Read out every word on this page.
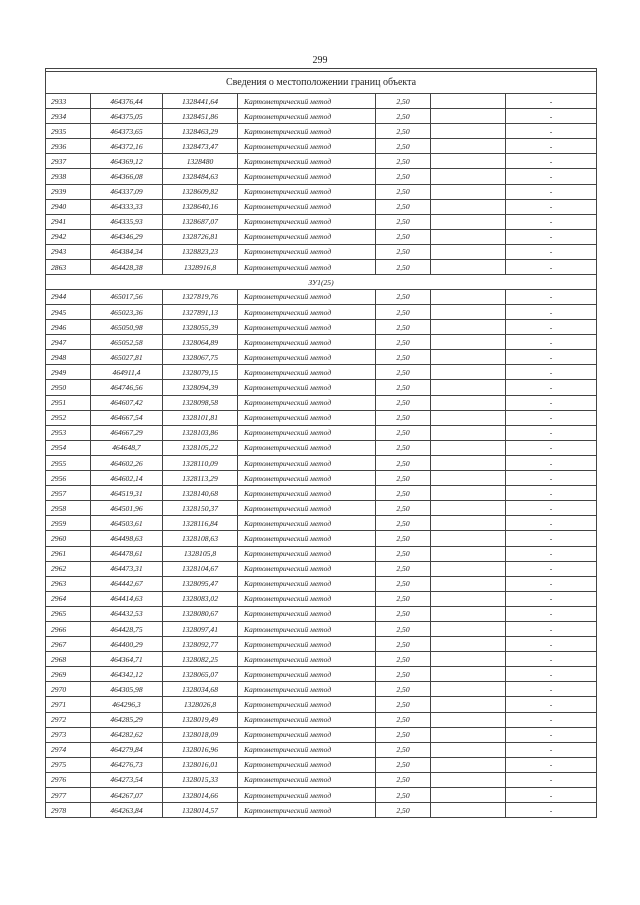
299

Сведения о местоположении границ объекта						
2933	464376,44	1328441,64	Картометрический метод	2,50		-
2934	464375,05	1328451,86	Картометрический метод	2,50		-
2935	464373,65	1328463,29	Картометрический метод	2,50		-
2936	464372,16	1328473,47	Картометрический метод	2,50		-
2937	464369,12	1328480	Картометрический метод	2,50		-
2938	464366,08	1328484,63	Картометрический метод	2,50		-
2939	464337,09	1328609,82	Картометрический метод	2,50		-
2940	464333,33	1328640,16	Картометрический метод	2,50		-
2941	464335,93	1328687,07	Картометрический метод	2,50		-
2942	464346,29	1328726,81	Картометрический метод	2,50		-
2943	464384,34	1328823,23	Картометрический метод	2,50		-
2863	464428,38	1328916,8	Картометрический метод	2,50		-
ЗУ1(25)						
2944	465017,56	1327819,76	Картометрический метод	2,50		-
2945	465023,36	1327891,13	Картометрический метод	2,50		-
2946	465050,98	1328055,39	Картометрический метод	2,50		-
2947	465052,58	1328064,89	Картометрический метод	2,50		-
2948	465027,81	1328067,75	Картометрический метод	2,50		-
2949	464911,4	1328079,15	Картометрический метод	2,50		-
2950	464746,56	1328094,39	Картометрический метод	2,50		-
2951	464607,42	1328098,58	Картометрический метод	2,50		-
2952	464667,54	1328101,81	Картометрический метод	2,50		-
2953	464667,29	1328103,86	Картометрический метод	2,50		-
2954	464648,7	1328105,22	Картометрический метод	2,50		-
2955	464602,26	1328110,09	Картометрический метод	2,50		-
2956	464602,14	1328113,29	Картометрический метод	2,50		-
2957	464519,31	1328140,68	Картометрический метод	2,50		-
2958	464501,96	1328150,37	Картометрический метод	2,50		-
2959	464503,61	1328116,84	Картометрический метод	2,50		-
2960	464498,63	1328108,63	Картометрический метод	2,50		-
2961	464478,61	1328105,8	Картометрический метод	2,50		-
2962	464473,31	1328104,67	Картометрический метод	2,50		-
2963	464442,67	1328095,47	Картометрический метод	2,50		-
2964	464414,63	1328083,02	Картометрический метод	2,50		-
2965	464432,53	1328080,67	Картометрический метод	2,50		-
2966	464428,75	1328097,41	Картометрический метод	2,50		-
2967	464400,29	1328092,77	Картометрический метод	2,50		-
2968	464364,71	1328082,25	Картометрический метод	2,50		-
2969	464342,12	1328065,07	Картометрический метод	2,50		-
2970	464305,98	1328034,68	Картометрический метод	2,50		-
2971	464296,3	1328026,8	Картометрический метод	2,50		-
2972	464285,29	1328019,49	Картометрический метод	2,50		-
2973	464282,62	1328018,09	Картометрический метод	2,50		-
2974	464279,84	1328016,96	Картометрический метод	2,50		-
2975	464276,73	1328016,01	Картометрический метод	2,50		-
2976	464273,54	1328015,33	Картометрический метод	2,50		-
2977	464267,07	1328014,66	Картометрический метод	2,50		-
2978	464263,84	1328014,57	Картометрический метод	2,50		-
